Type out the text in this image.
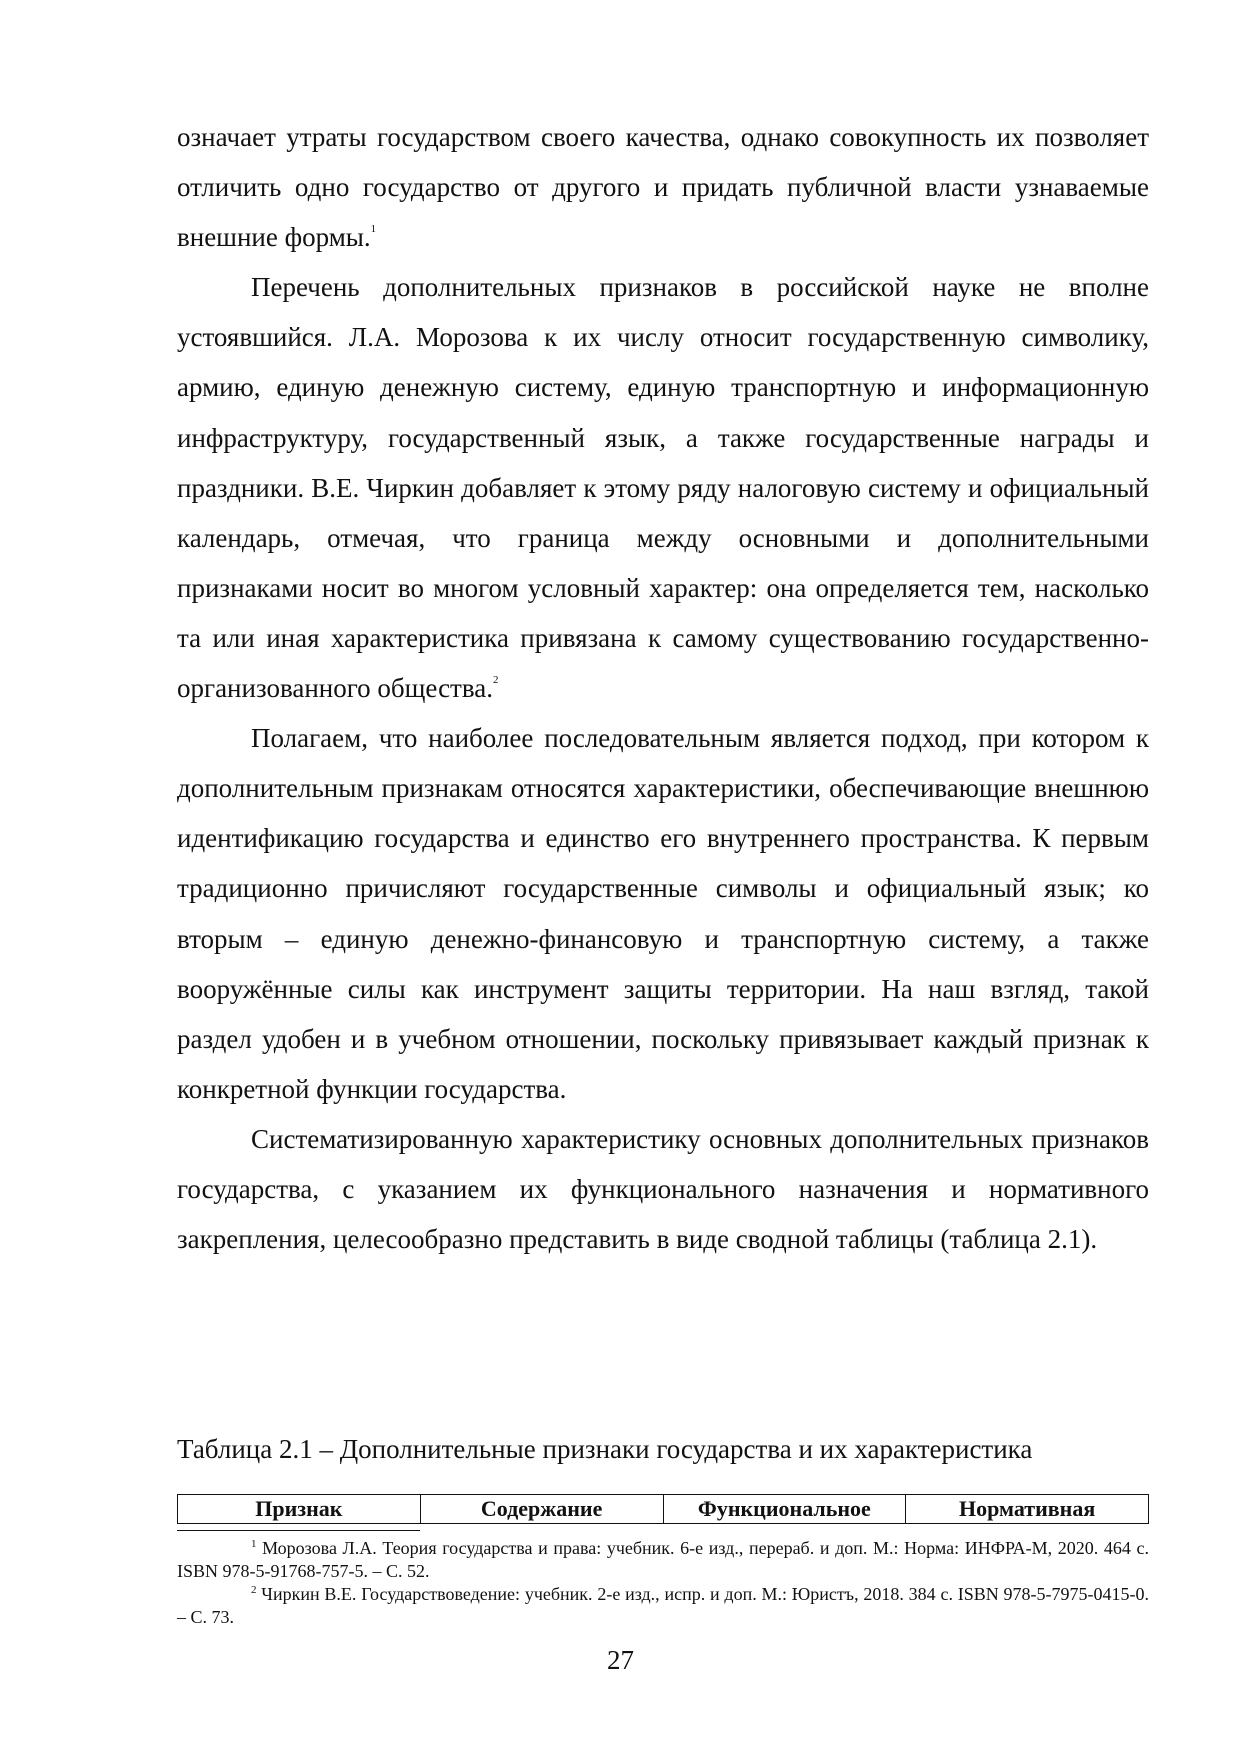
означает утраты государством своего качества, однако совокупность их позволяет отличить одно государство от другого и придать публичной власти узнаваемые внешние формы.$^1$

Перечень дополнительных признаков в российской науке не вполне устоявшийся. Л.А. Морозова к их числу относит государственную символику, армию, единую денежную систему, единую транспортную и информационную инфраструктуру, государственный язык, а также государственные награды и праздники. В.Е. Чиркин добавляет к этому ряду налоговую систему и официальный календарь, отмечая, что граница между основными и дополнительными признаками носит во многом условный характер: она определяется тем, насколько та или иная характеристика привязана к самому существованию государственно-организованного общества.$^2$

Полагаем, что наиболее последовательным является подход, при котором к дополнительным признакам относятся характеристики, обеспечивающие внешнюю идентификацию государства и единство его внутреннего пространства. К первым традиционно причисляют государственные символы и официальный язык; ко вторым – единую денежно-финансовую и транспортную систему, а также вооружённые силы как инструмент защиты территории. На наш взгляд, такой раздел удобен и в учебном отношении, поскольку привязывает каждый признак к конкретной функции государства.

Систематизированную характеристику основных дополнительных признаков государства, с указанием их функционального назначения и нормативного закрепления, целесообразно представить в виде сводной таблицы (таблица 2.1).

Таблица 2.1 – Дополнительные признаки государства и их характеристика
Признак	Содержание	Функциональное	Нормативная

$^1$ Морозова Л.А. Теория государства и права: учебник. 6-е изд., перераб. и доп. М.: Норма: ИНФРА-М, 2020. 464 с. ISBN 978-5-91768-757-5. – С. 52.

$^2$ Чиркин В.Е. Государствоведение: учебник. 2-е изд., испр. и доп. М.: Юристъ, 2018. 384 с. ISBN 978-5-7975-0415-0. – С. 73.

27
